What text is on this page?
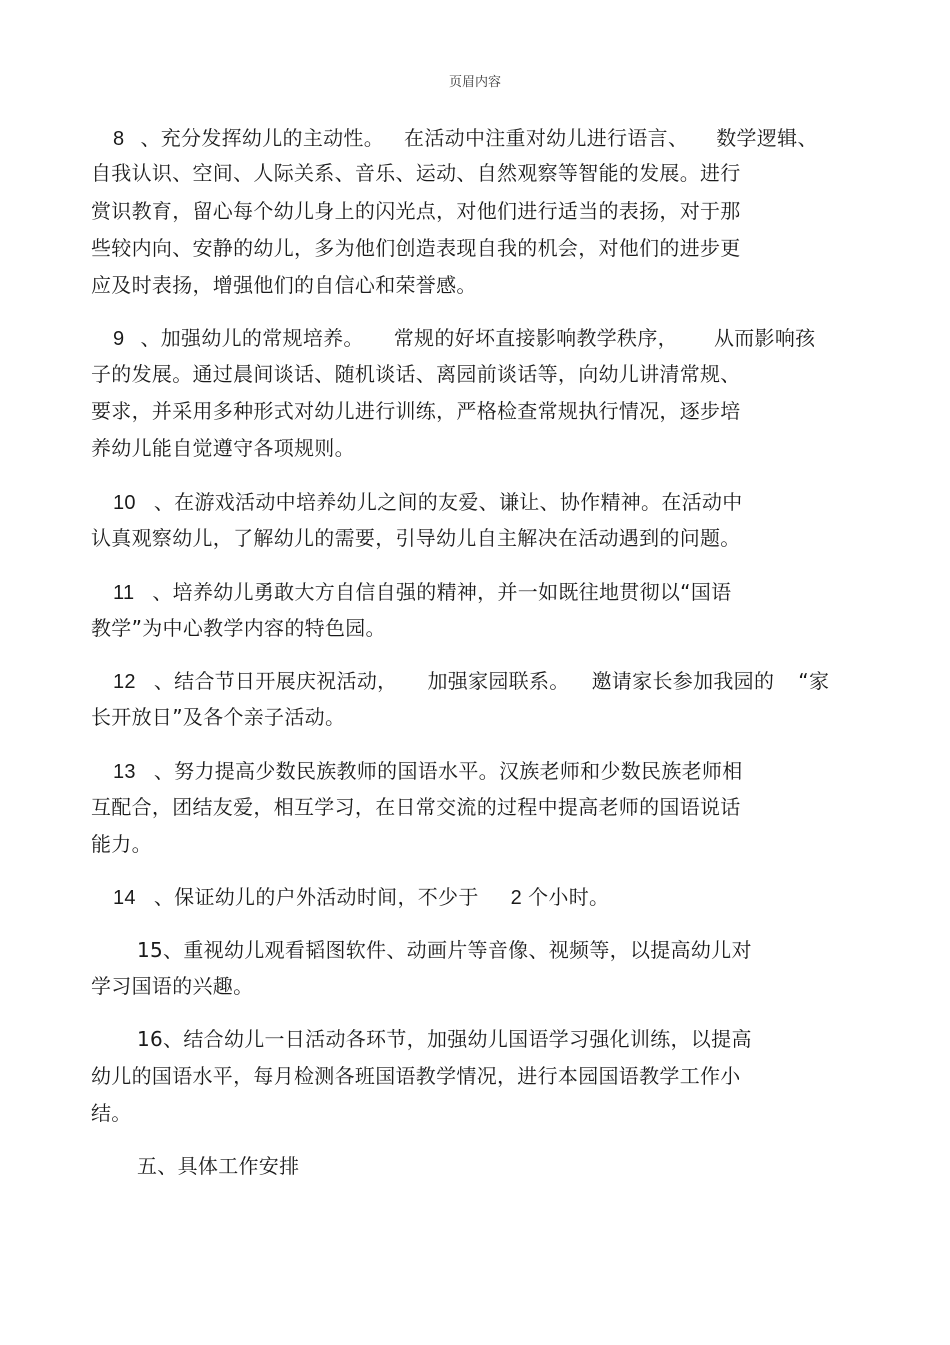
页眉内容
8 、充分发挥幼儿的主动性。 在活动中注重对幼儿进行语言、 数学逻辑、
自我认识、空间、人际关系、音乐、运动、自然观察等智能的发展。进行
赏识教育，留心每个幼儿身上的闪光点，对他们进行适当的表扬，对于那
些较内向、安静的幼儿，多为他们创造表现自我的机会，对他们的进步更
应及时表扬，增强他们的自信心和荣誉感。
9 、加强幼儿的常规培养。 常规的好坏直接影响教学秩序， 从而影响孩
子的发展。通过晨间谈话、随机谈话、离园前谈话等，向幼儿讲清常规、
要求，并采用多种形式对幼儿进行训练，严格检查常规执行情况，逐步培
养幼儿能自觉遵守各项规则。
10 、在游戏活动中培养幼儿之间的友爱、谦让、协作精神。在活动中
认真观察幼儿，了解幼儿的需要，引导幼儿自主解决在活动遇到的问题。
11 、培养幼儿勇敢大方自信自强的精神，并一如既往地贯彻以“国语
教学”为中心教学内容的特色园。
12 、结合节日开展庆祝活动， 加强家园联系。 邀请家长参加我园的 “家
长开放日”及各个亲子活动。
13 、努力提高少数民族教师的国语水平。汉族老师和少数民族老师相
互配合，团结友爱，相互学习，在日常交流的过程中提高老师的国语说话
能力。
14 、保证幼儿的户外活动时间，不少于 2 个小时。
15、重视幼儿观看韬图软件、动画片等音像、视频等，以提高幼儿对
学习国语的兴趣。
16、结合幼儿一日活动各环节，加强幼儿国语学习强化训练，以提高
幼儿的国语水平，每月检测各班国语教学情况，进行本园国语教学工作小
结。
五、具体工作安排
